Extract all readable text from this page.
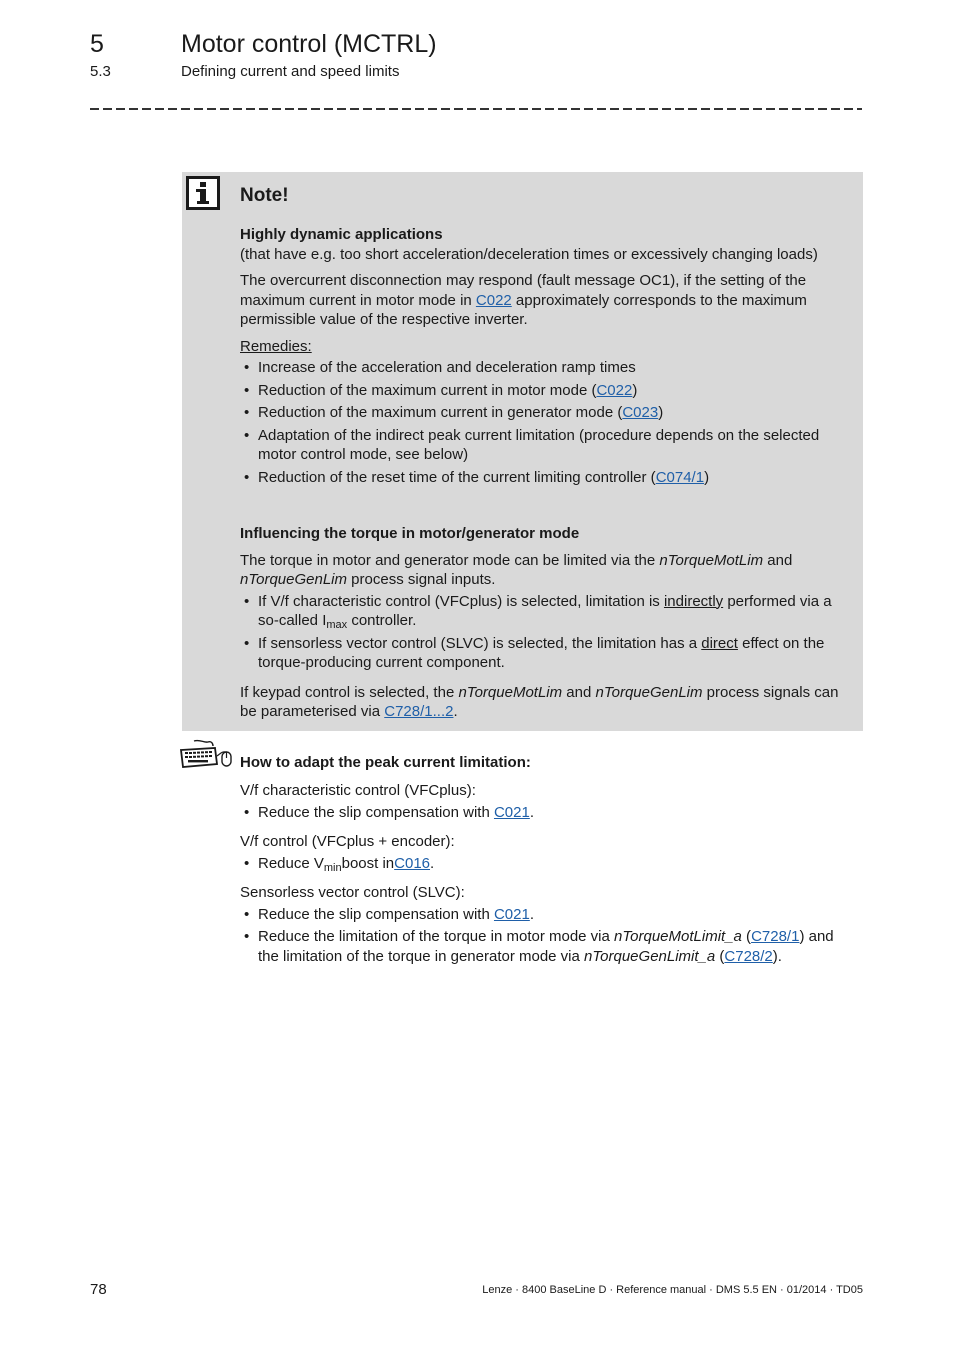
5	Motor control (MCTRL)
5.3	Defining current and speed limits
Note!

Highly dynamic applications

(that have e.g. too short acceleration/deceleration times or excessively changing loads)

The overcurrent disconnection may respond (fault message OC1), if the setting of the maximum current in motor mode in C022 approximately corresponds to the maximum permissible value of the respective inverter.

Remedies:

• Increase of the acceleration and deceleration ramp times
• Reduction of the maximum current in motor mode (C022)
• Reduction of the maximum current in generator mode (C023)
• Adaptation of the indirect peak current limitation (procedure depends on the selected motor control mode, see below)
• Reduction of the reset time of the current limiting controller (C074/1)

Influencing the torque in motor/generator mode

The torque in motor and generator mode can be limited via the nTorqueMotLim and nTorqueGenLim process signal inputs.

• If V/f characteristic control (VFCplus) is selected, limitation is indirectly performed via a so-called $I_{max}$ controller.
• If sensorless vector control (SLVC) is selected, the limitation has a direct effect on the torque-producing current component.

If keypad control is selected, the nTorqueMotLim and nTorqueGenLim process signals can be parameterised via C728/1...2.

How to adapt the peak current limitation:

V/f characteristic control (VFCplus):

• Reduce the slip compensation with C021.

V/f control (VFCplus + encoder):

• Reduce $V_{min}boost$ inC016.

Sensorless vector control (SLVC):

• Reduce the slip compensation with C021.
• Reduce the limitation of the torque in motor mode via nTorqueMotLimit_a (C728/1) and the limitation of the torque in generator mode via nTorqueGenLimit_a (C728/2).
78	Lenze · 8400 BaseLine D · Reference manual · DMS 5.5 EN · 01/2014 · TD05
